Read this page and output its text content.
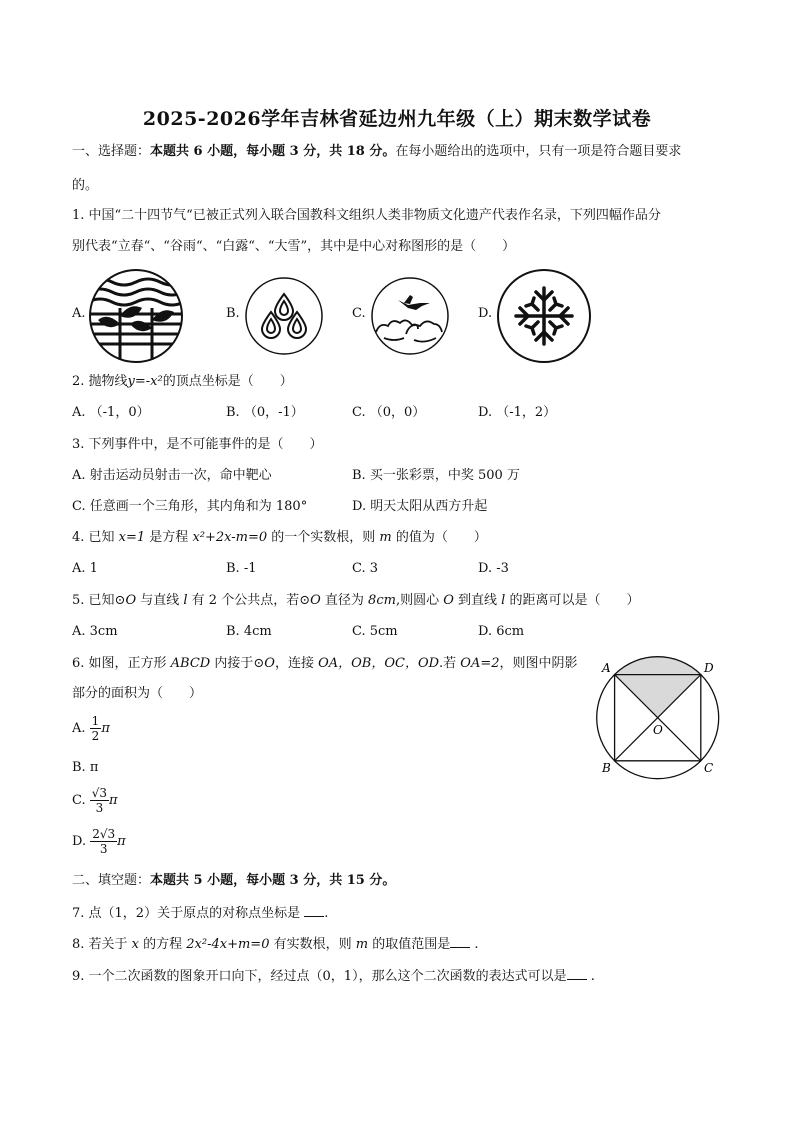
2025-2026学年吉林省延边州九年级（上）期末数学试卷
一、选择题：本题共 6 小题，每小题 3 分，共 18 分。在每小题给出的选项中，只有一项是符合题目要求
的。
1. 中国“二十四节气“已被正式列入联合国教科文组织人类非物质文化遗产代表作名录，下列四幅作品分
别代表“立春“、“谷雨“、“白露“、“大雪”，其中是中心对称图形的是（　　）
A.	B.	C.	D.
2. 抛物线y=-x²的顶点坐标是（　　）
A. （-1，0）	B. （0，-1）	C. （0，0）	D. （-1，2）
3. 下列事件中，是不可能事件的是（　　）
A. 射击运动员射击一次，命中靶心	B. 买一张彩票，中奖 500 万
C. 任意画一个三角形，其内角和为 180°	D. 明天太阳从西方升起
4. 已知 x=1 是方程 x²+2x-m=0 的一个实数根，则 m 的值为（　　）
A. 1	B. -1	C. 3	D. -3
5. 已知⊙O 与直线 l 有 2 个公共点，若⊙O 直径为 8cm,则圆心 O 到直线 l 的距离可以是（　　）
A. 3cm	B. 4cm	C. 5cm	D. 6cm
6. 如图，正方形 ABCD 内接于⊙O，连接 OA，OB，OC，OD.若 OA=2，则图中阴影
部分的面积为（　　）
A. $\frac{1}{2}$ π
B. π
C. $\frac{√3}{3}$ π
D. $\frac{2√3}{3}$ π
A	D
B	C
O
二、填空题：本题共 5 小题，每小题 3 分，共 15 分。
7. 点（1，2）关于原点的对称点坐标是 .
8. 若关于 x 的方程 2x²-4x+m=0 有实数根，则 m 的取值范围是 .
9. 一个二次函数的图象开口向下，经过点（0，1），那么这个二次函数的表达式可以是 .
